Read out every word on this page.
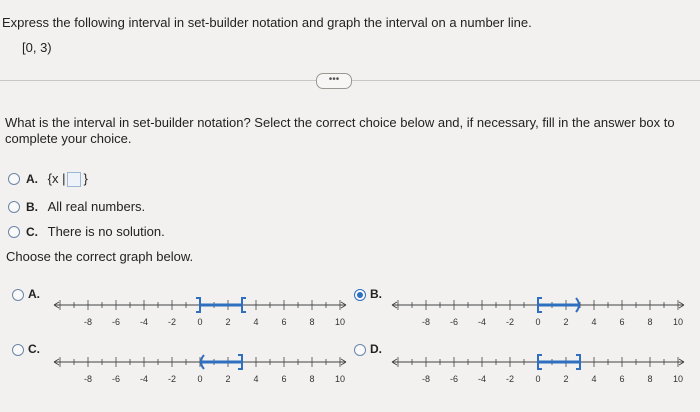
Express the following interval in set-builder notation and graph the interval on a number line.
[0, 3)
•••
What is the interval in set-builder notation? Select the correct choice below and, if necessary, fill in the answer box to
complete your choice.
A. {x | }
B. All real numbers.
C. There is no solution.
Choose the correct graph below.
A.
-8 -6 -4 -2 0	2	4	6	8 10
B.
-8 -6 -4 -2 0	2	4	6	8 10
C.
-8 -6 -4 -2 0	2	4	6	8 10
D.
-8 -6 -4 -2 0	2	4	6	8 10
